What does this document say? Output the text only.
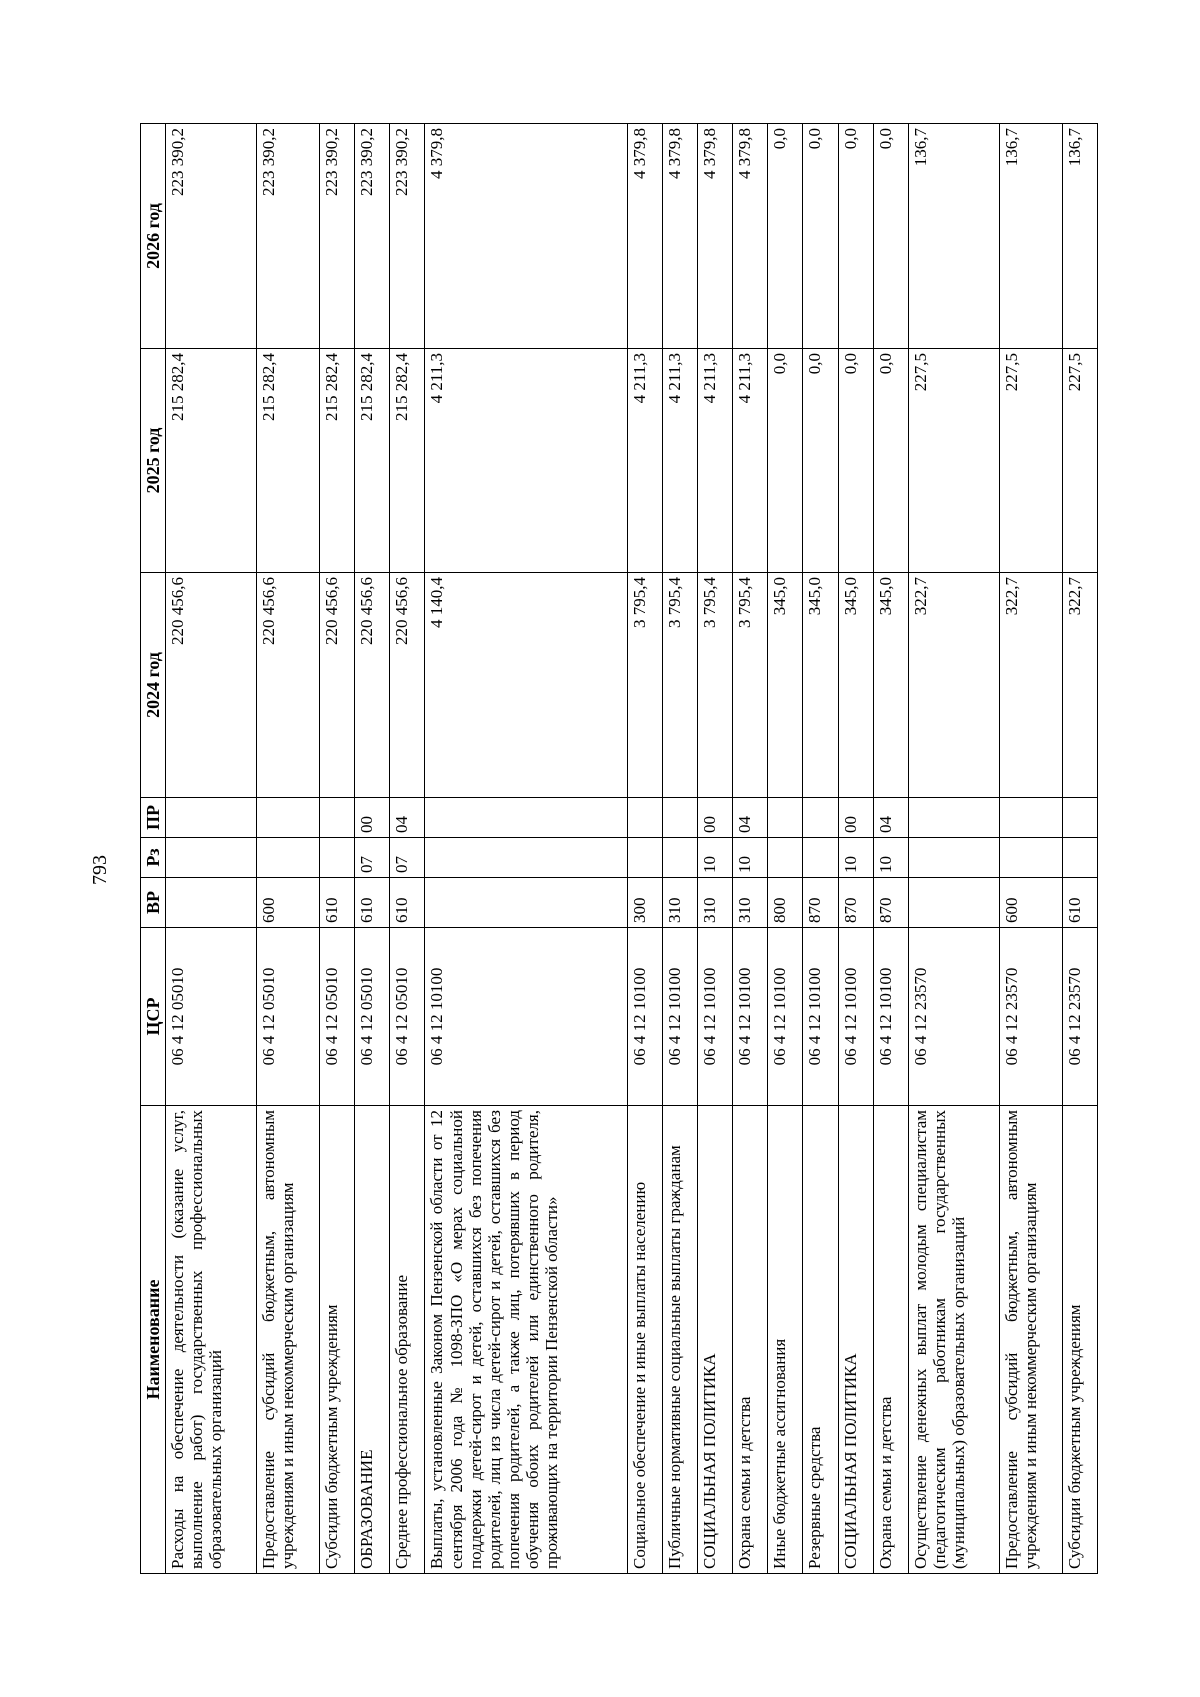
793
Наименование	ЦСР	ВР	Рз	ПР	2024 год	2025 год	2026 год
Расходы на обеспечение деятельности (оказание услуг, выполнение работ) государственных профессиональных образовательных организаций	06 4 12 05010				220 456,6	215 282,4	223 390,2
Предоставление субсидий бюджетным, автономным учреждениям и иным некоммерческим организациям	06 4 12 05010	600			220 456,6	215 282,4	223 390,2
Субсидии бюджетным учреждениям	06 4 12 05010	610			220 456,6	215 282,4	223 390,2
ОБРАЗОВАНИЕ	06 4 12 05010	610	07	00	220 456,6	215 282,4	223 390,2
Среднее профессиональное образование	06 4 12 05010	610	07	04	220 456,6	215 282,4	223 390,2
Выплаты, установленные Законом Пензенской области от 12 сентября 2006 года № 1098-ЗПО «О мерах социальной поддержки детей-сирот и детей, оставшихся без попечения родителей, лиц из числа детей-сирот и детей, оставшихся без попечения родителей, а также лиц, потерявших в период обучения обоих родителей или единственного родителя, проживающих на территории Пензенской области»	06 4 12 10100				4 140,4	4 211,3	4 379,8
Социальное обеспечение и иные выплаты населению	06 4 12 10100	300			3 795,4	4 211,3	4 379,8
Публичные нормативные социальные выплаты гражданам	06 4 12 10100	310			3 795,4	4 211,3	4 379,8
СОЦИАЛЬНАЯ ПОЛИТИКА	06 4 12 10100	310	10	00	3 795,4	4 211,3	4 379,8
Охрана семьи и детства	06 4 12 10100	310	10	04	3 795,4	4 211,3	4 379,8
Иные бюджетные ассигнования	06 4 12 10100	800			345,0	0,0	0,0
Резервные средства	06 4 12 10100	870			345,0	0,0	0,0
СОЦИАЛЬНАЯ ПОЛИТИКА	06 4 12 10100	870	10	00	345,0	0,0	0,0
Охрана семьи и детства	06 4 12 10100	870	10	04	345,0	0,0	0,0
Осуществление денежных выплат молодым специалистам (педагогическим работникам государственных (муниципальных) образовательных организаций	06 4 12 23570				322,7	227,5	136,7
Предоставление субсидий бюджетным, автономным учреждениям и иным некоммерческим организациям	06 4 12 23570	600			322,7	227,5	136,7
Субсидии бюджетным учреждениям	06 4 12 23570	610			322,7	227,5	136,7
